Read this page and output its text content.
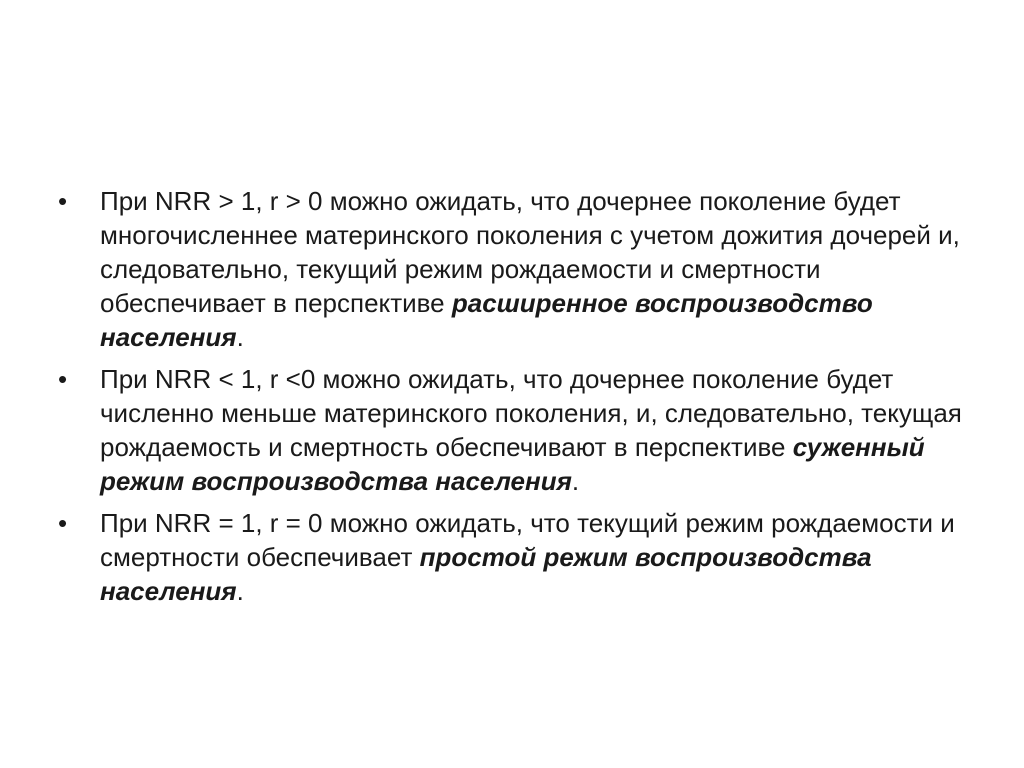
•	При NRR > 1, r > 0 можно ожидать, что дочернее поколение будет многочисленнее материнского поколения с учетом дожития дочерей и, следовательно, текущий режим рождаемости и смертности обеспечивает в перспективе расширенное воспроизводство населения.
•	При NRR < 1, r <0 можно ожидать, что дочернее поколение будет численно меньше материнского поколения, и, следовательно, текущая рождаемость и смертность обеспечивают в перспективе суженный режим воспроизводства населения.
•	При NRR = 1, r = 0 можно ожидать, что текущий режим рождаемости и смертности обеспечивает простой режим воспроизводства населения.
